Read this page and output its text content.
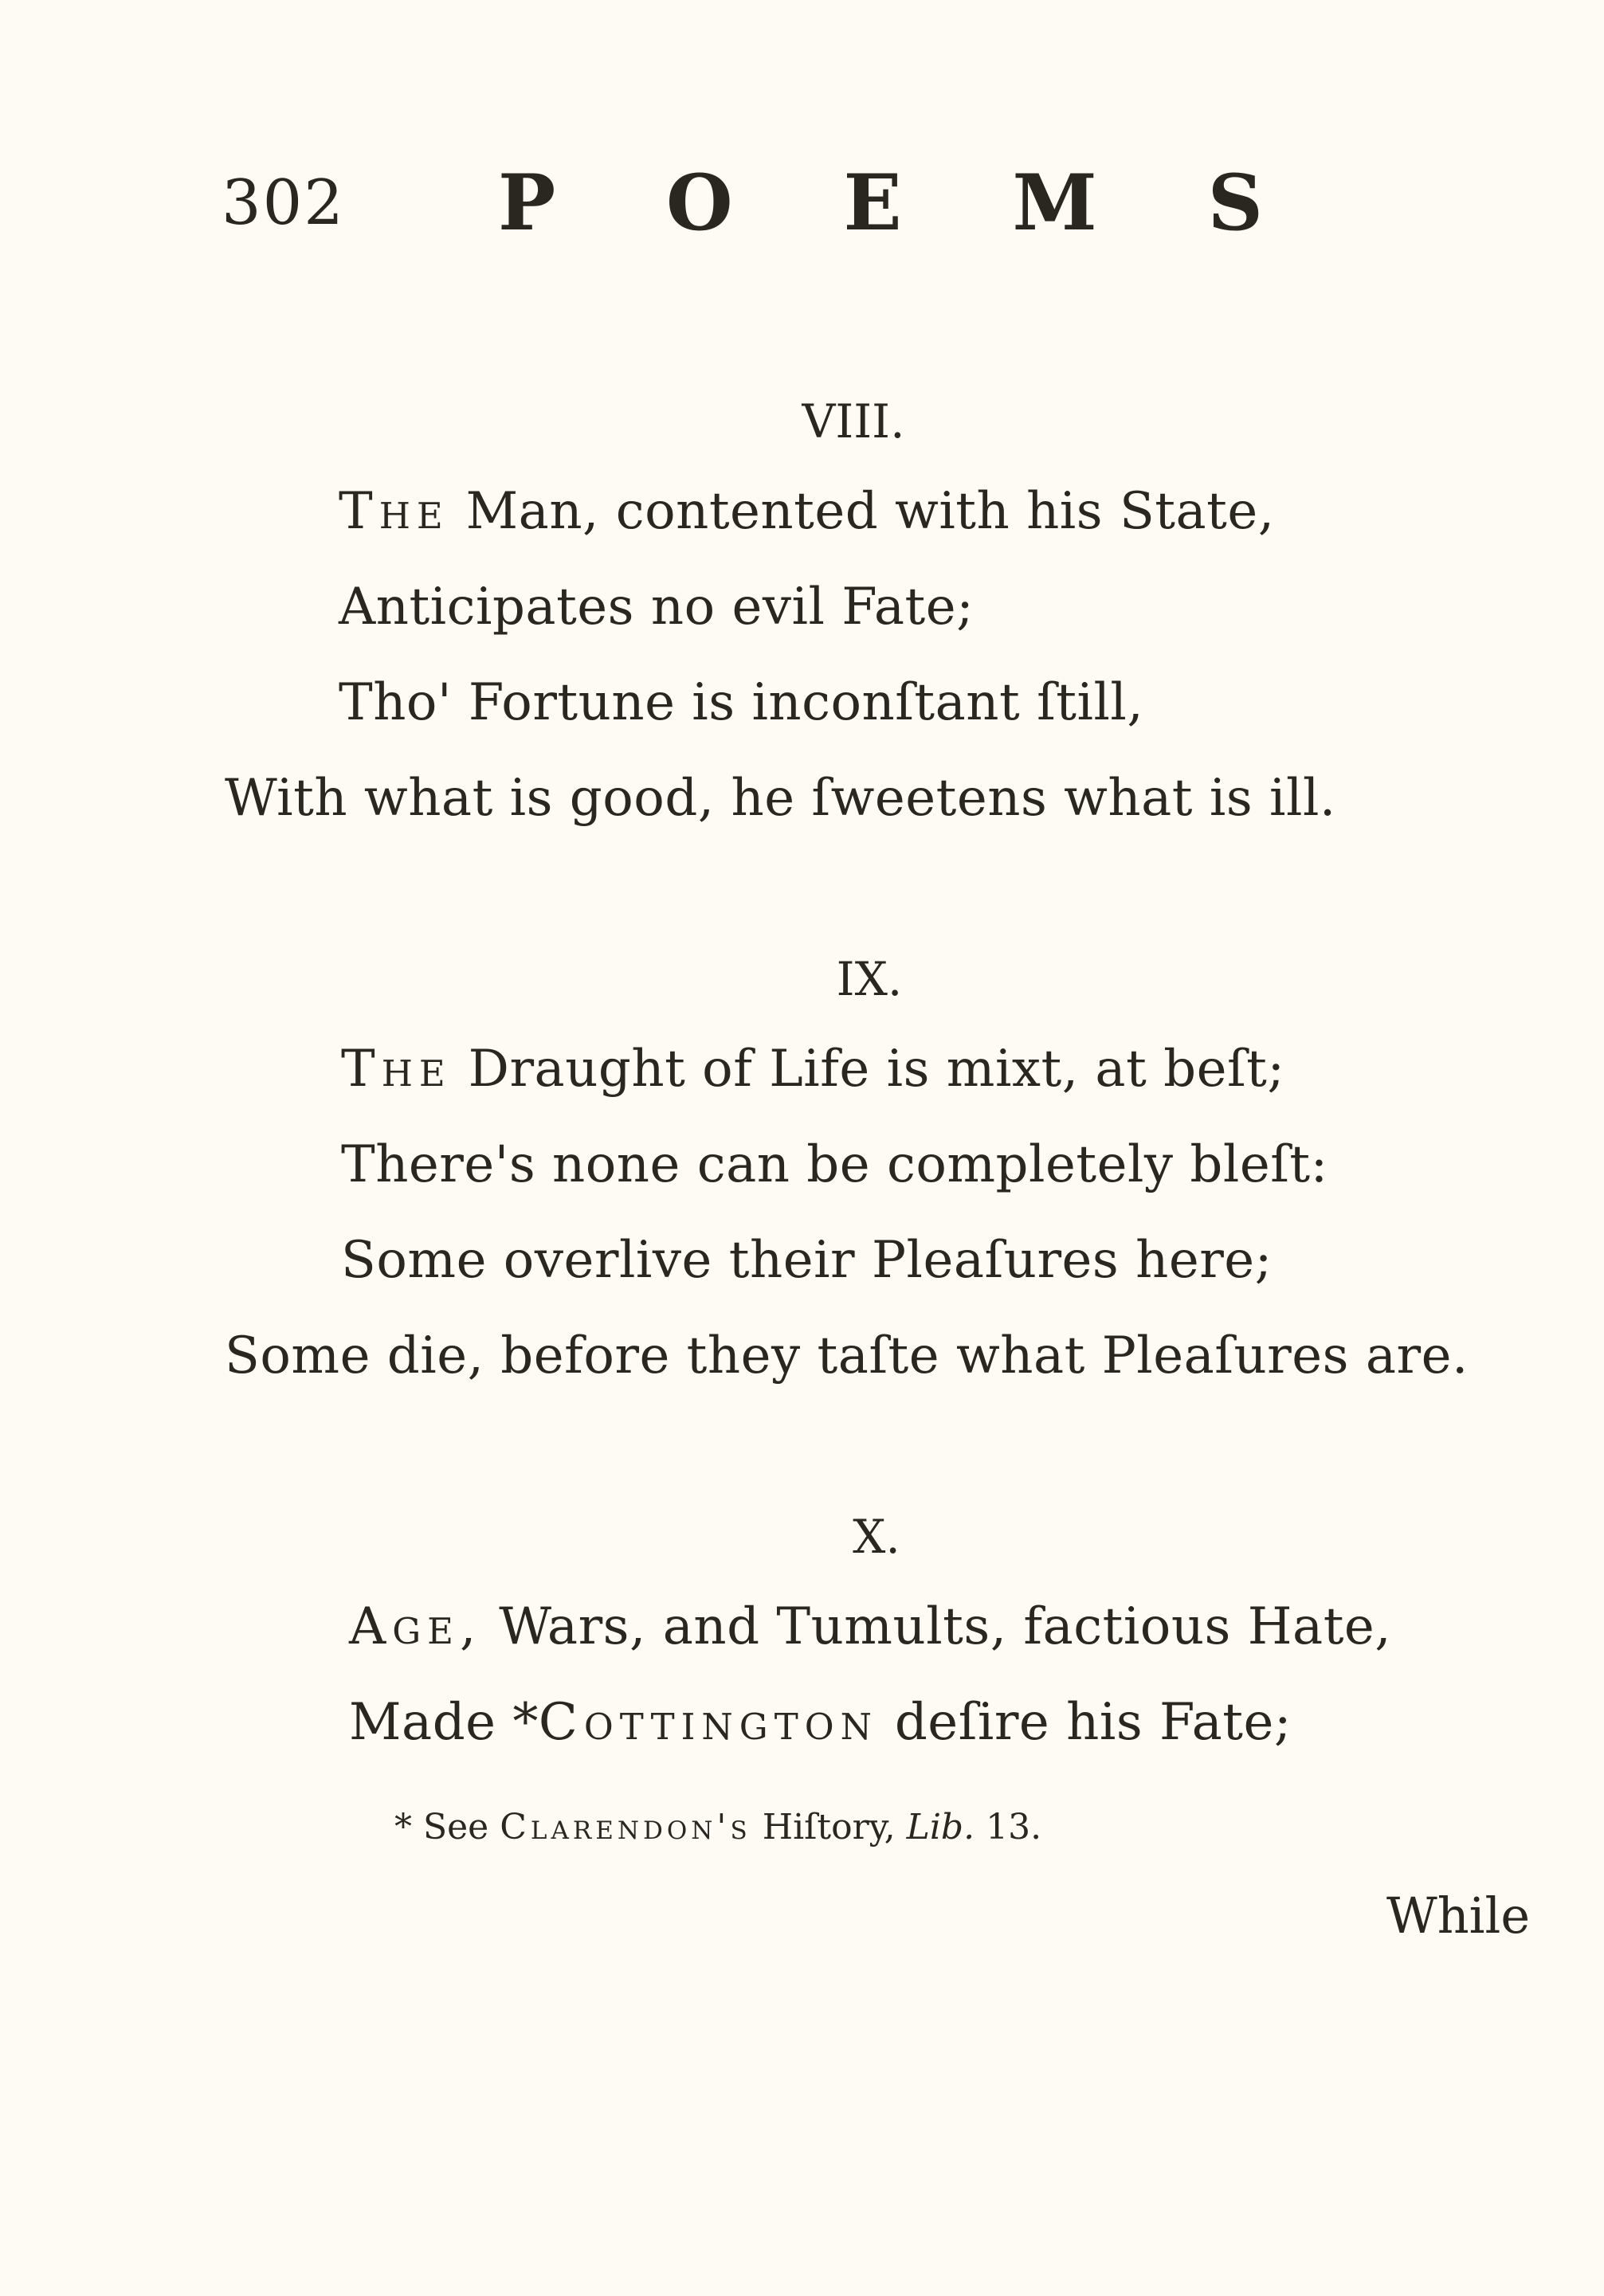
302 P O E M S
VIII.
The Man, contented with his State,
Anticipates no evil Fate;
Tho' Fortune is inconſtant ſtill,
With what is good, he ſweetens what is ill.
IX.
The Draught of Life is mixt, at beſt;
There's none can be completely bleſt:
Some overlive their Pleaſures here;
Some die, before they taſte what Pleaſures are.
X.
Age, Wars, and Tumults, factious Hate,
Made *Cottington deſire his Fate;
* See Clarendon's Hiſtory, Lib. 13.
While
